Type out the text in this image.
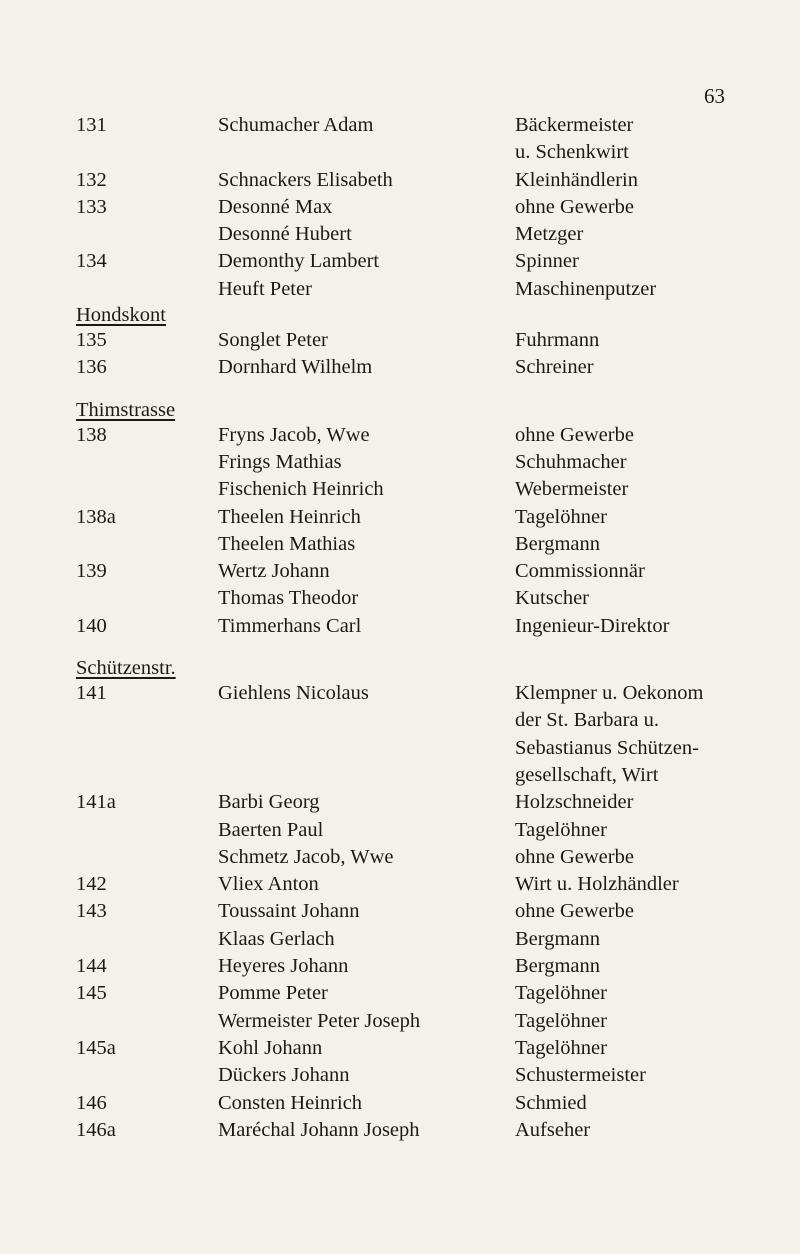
63
131	Schumacher Adam	Bäckermeister
u. Schenkwirt
132	Schnackers Elisabeth	Kleinhändlerin
133	Desonné Max	ohne Gewerbe
Desonné Hubert	Metzger
134	Demonthy Lambert	Spinner
Heuft Peter	Maschinenputzer
Hondskont
135	Songlet Peter	Fuhrmann
136	Dornhard Wilhelm	Schreiner
Thimstrasse
138	Fryns Jacob, Wwe	ohne Gewerbe
Frings Mathias	Schuhmacher
Fischenich Heinrich	Webermeister
138a	Theelen Heinrich	Tagelöhner
Theelen Mathias	Bergmann
139	Wertz Johann	Commissionnär
Thomas Theodor	Kutscher
140	Timmerhans Carl	Ingenieur-Direktor
Schützenstr.
141	Giehlens Nicolaus	Klempner u. Oekonom
der St. Barbara u.
Sebastianus Schützen-
gesellschaft, Wirt
141a	Barbi Georg	Holzschneider
Baerten Paul	Tagelöhner
Schmetz Jacob, Wwe	ohne Gewerbe
142	Vliex Anton	Wirt u. Holzhändler
143	Toussaint Johann	ohne Gewerbe
Klaas Gerlach	Bergmann
144	Heyeres Johann	Bergmann
145	Pomme Peter	Tagelöhner
Wermeister Peter Joseph	Tagelöhner
145a	Kohl Johann	Tagelöhner
Dückers Johann	Schustermeister
146	Consten Heinrich	Schmied
146a	Maréchal Johann Joseph	Aufseher
